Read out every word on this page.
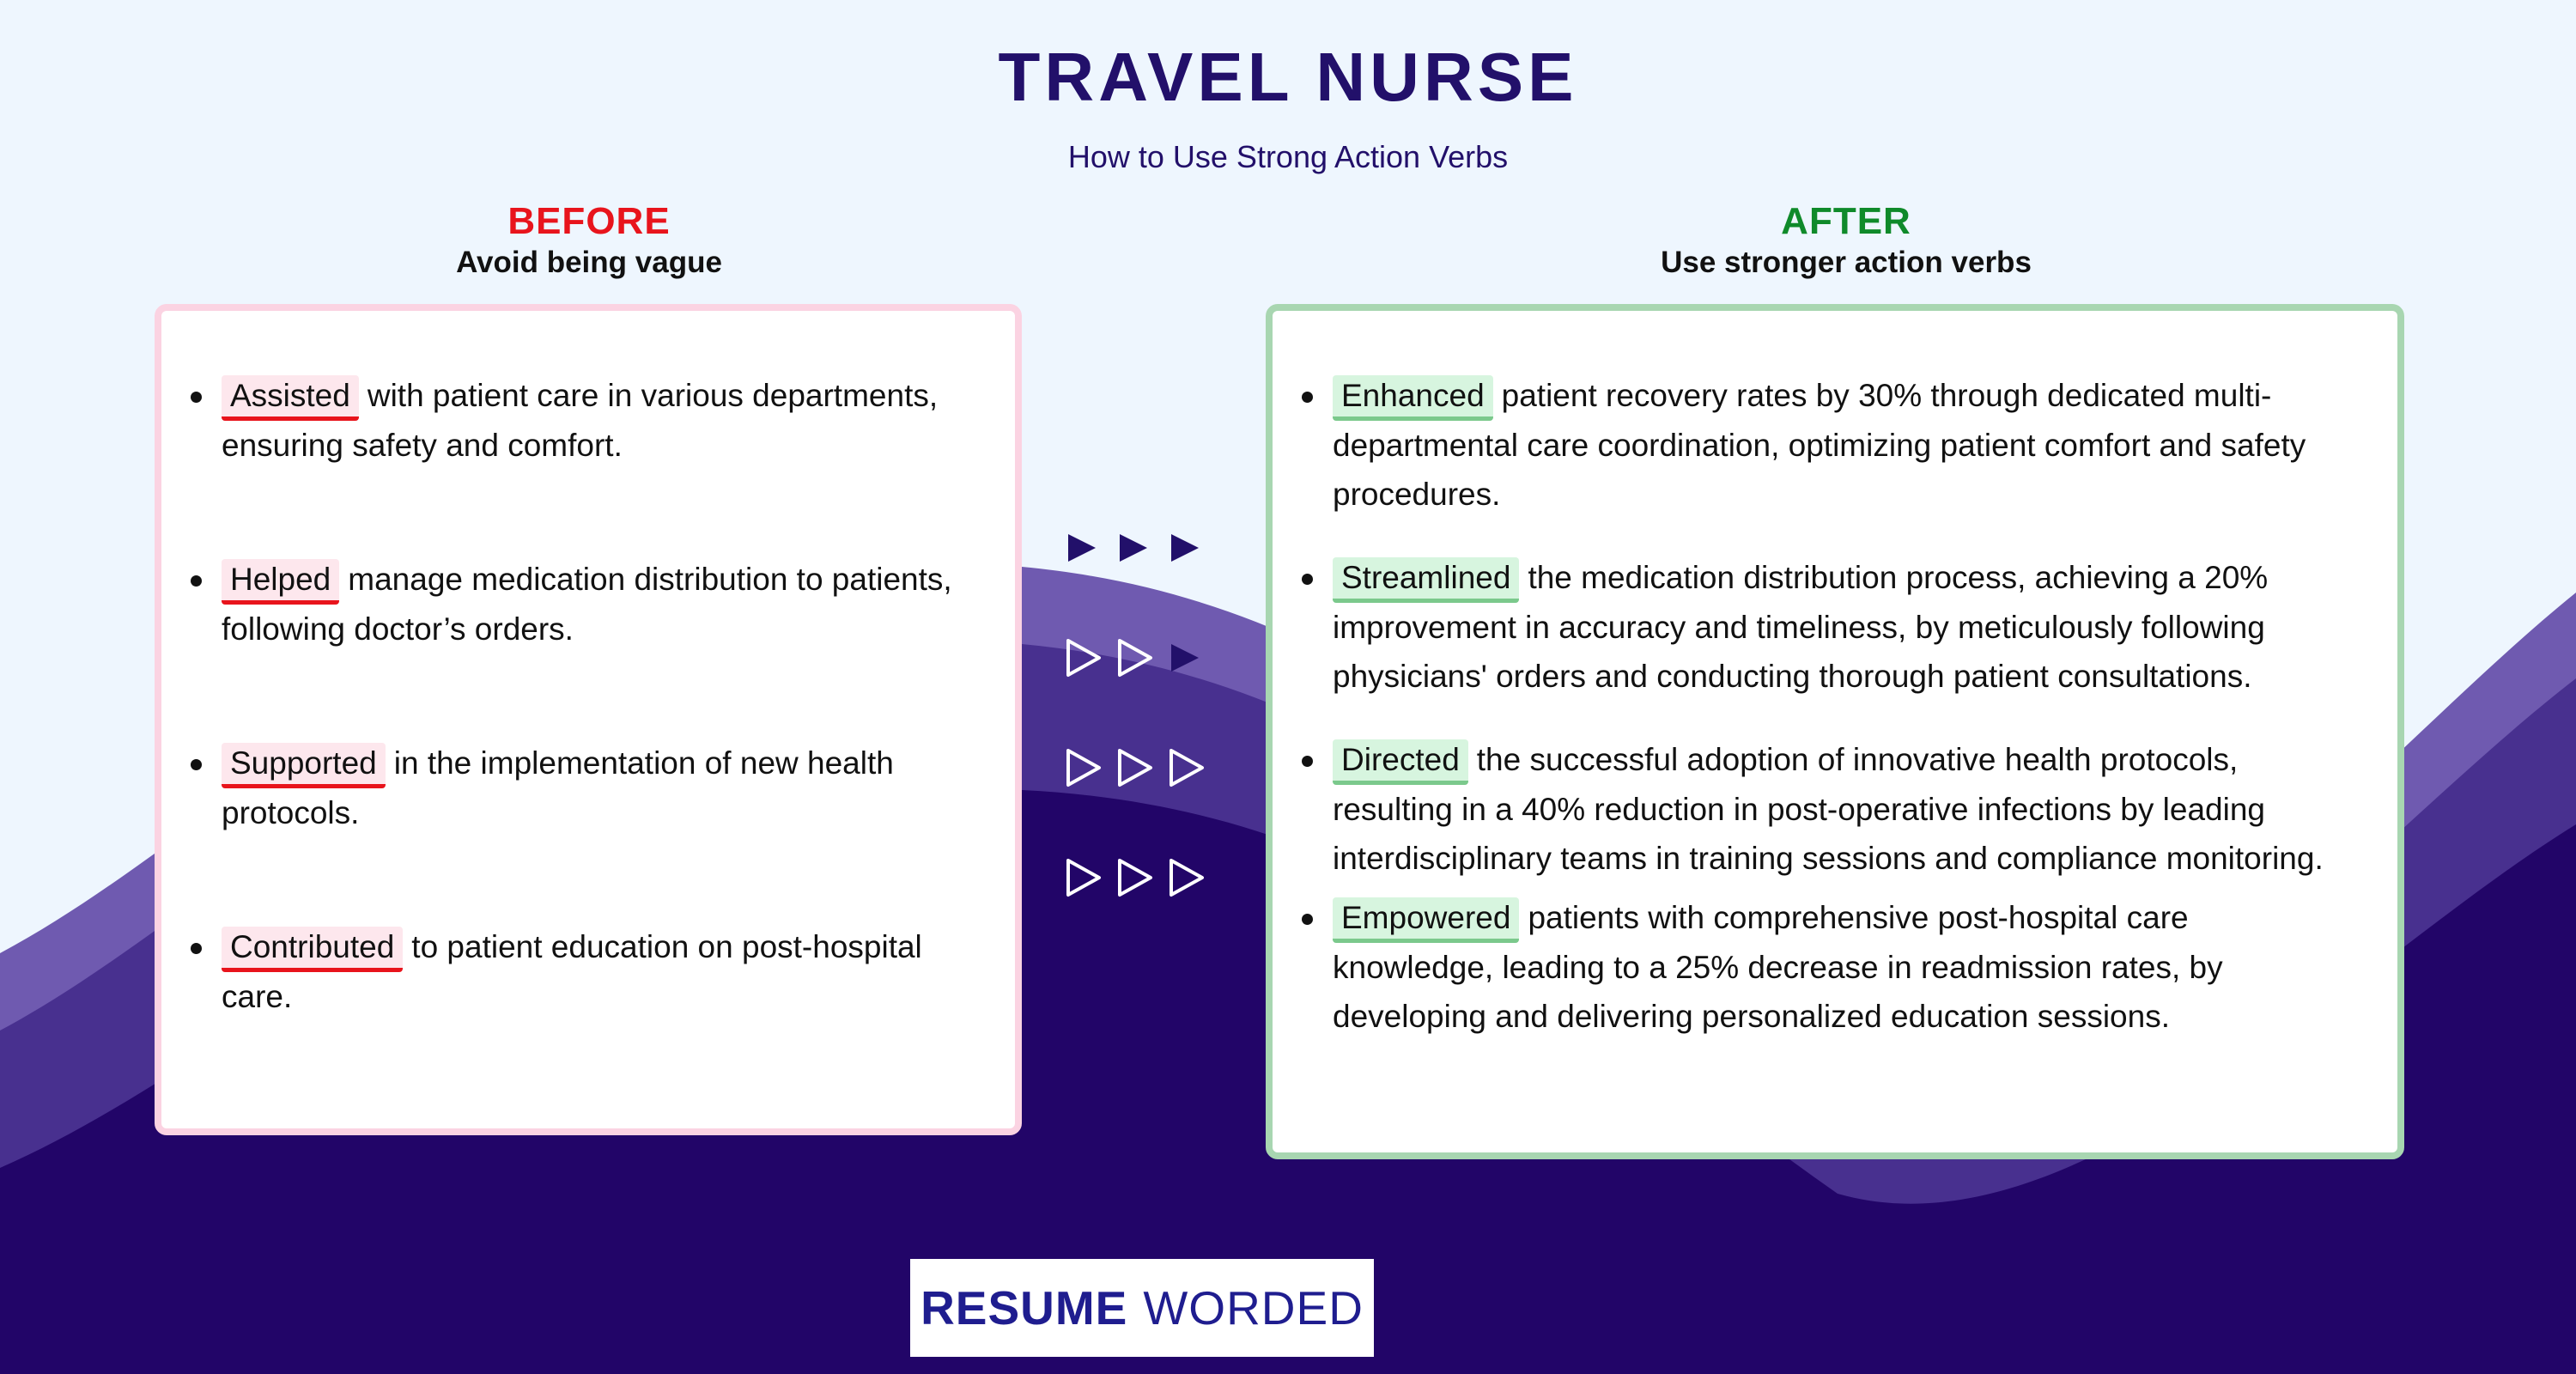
TRAVEL NURSE
How to Use Strong Action Verbs
BEFORE
Avoid being vague
AFTER
Use stronger action verbs
Assisted with patient care in various departments, ensuring safety and comfort.
Helped manage medication distribution to patients, following doctor’s orders.
Supported in the implementation of new health protocols.
Contributed to patient education on post-hospital care.
Enhanced patient recovery rates by 30% through dedicated multi-departmental care coordination, optimizing patient comfort and safety procedures.
Streamlined the medication distribution process, achieving a 20% improvement in accuracy and timeliness, by meticulously following physicians' orders and conducting thorough patient consultations.
Directed the successful adoption of innovative health protocols, resulting in a 40% reduction in post-operative infections by leading interdisciplinary teams in training sessions and compliance monitoring.
Empowered patients with comprehensive post-hospital care knowledge, leading to a 25% decrease in readmission rates, by developing and delivering personalized education sessions.
RESUME WORDED
